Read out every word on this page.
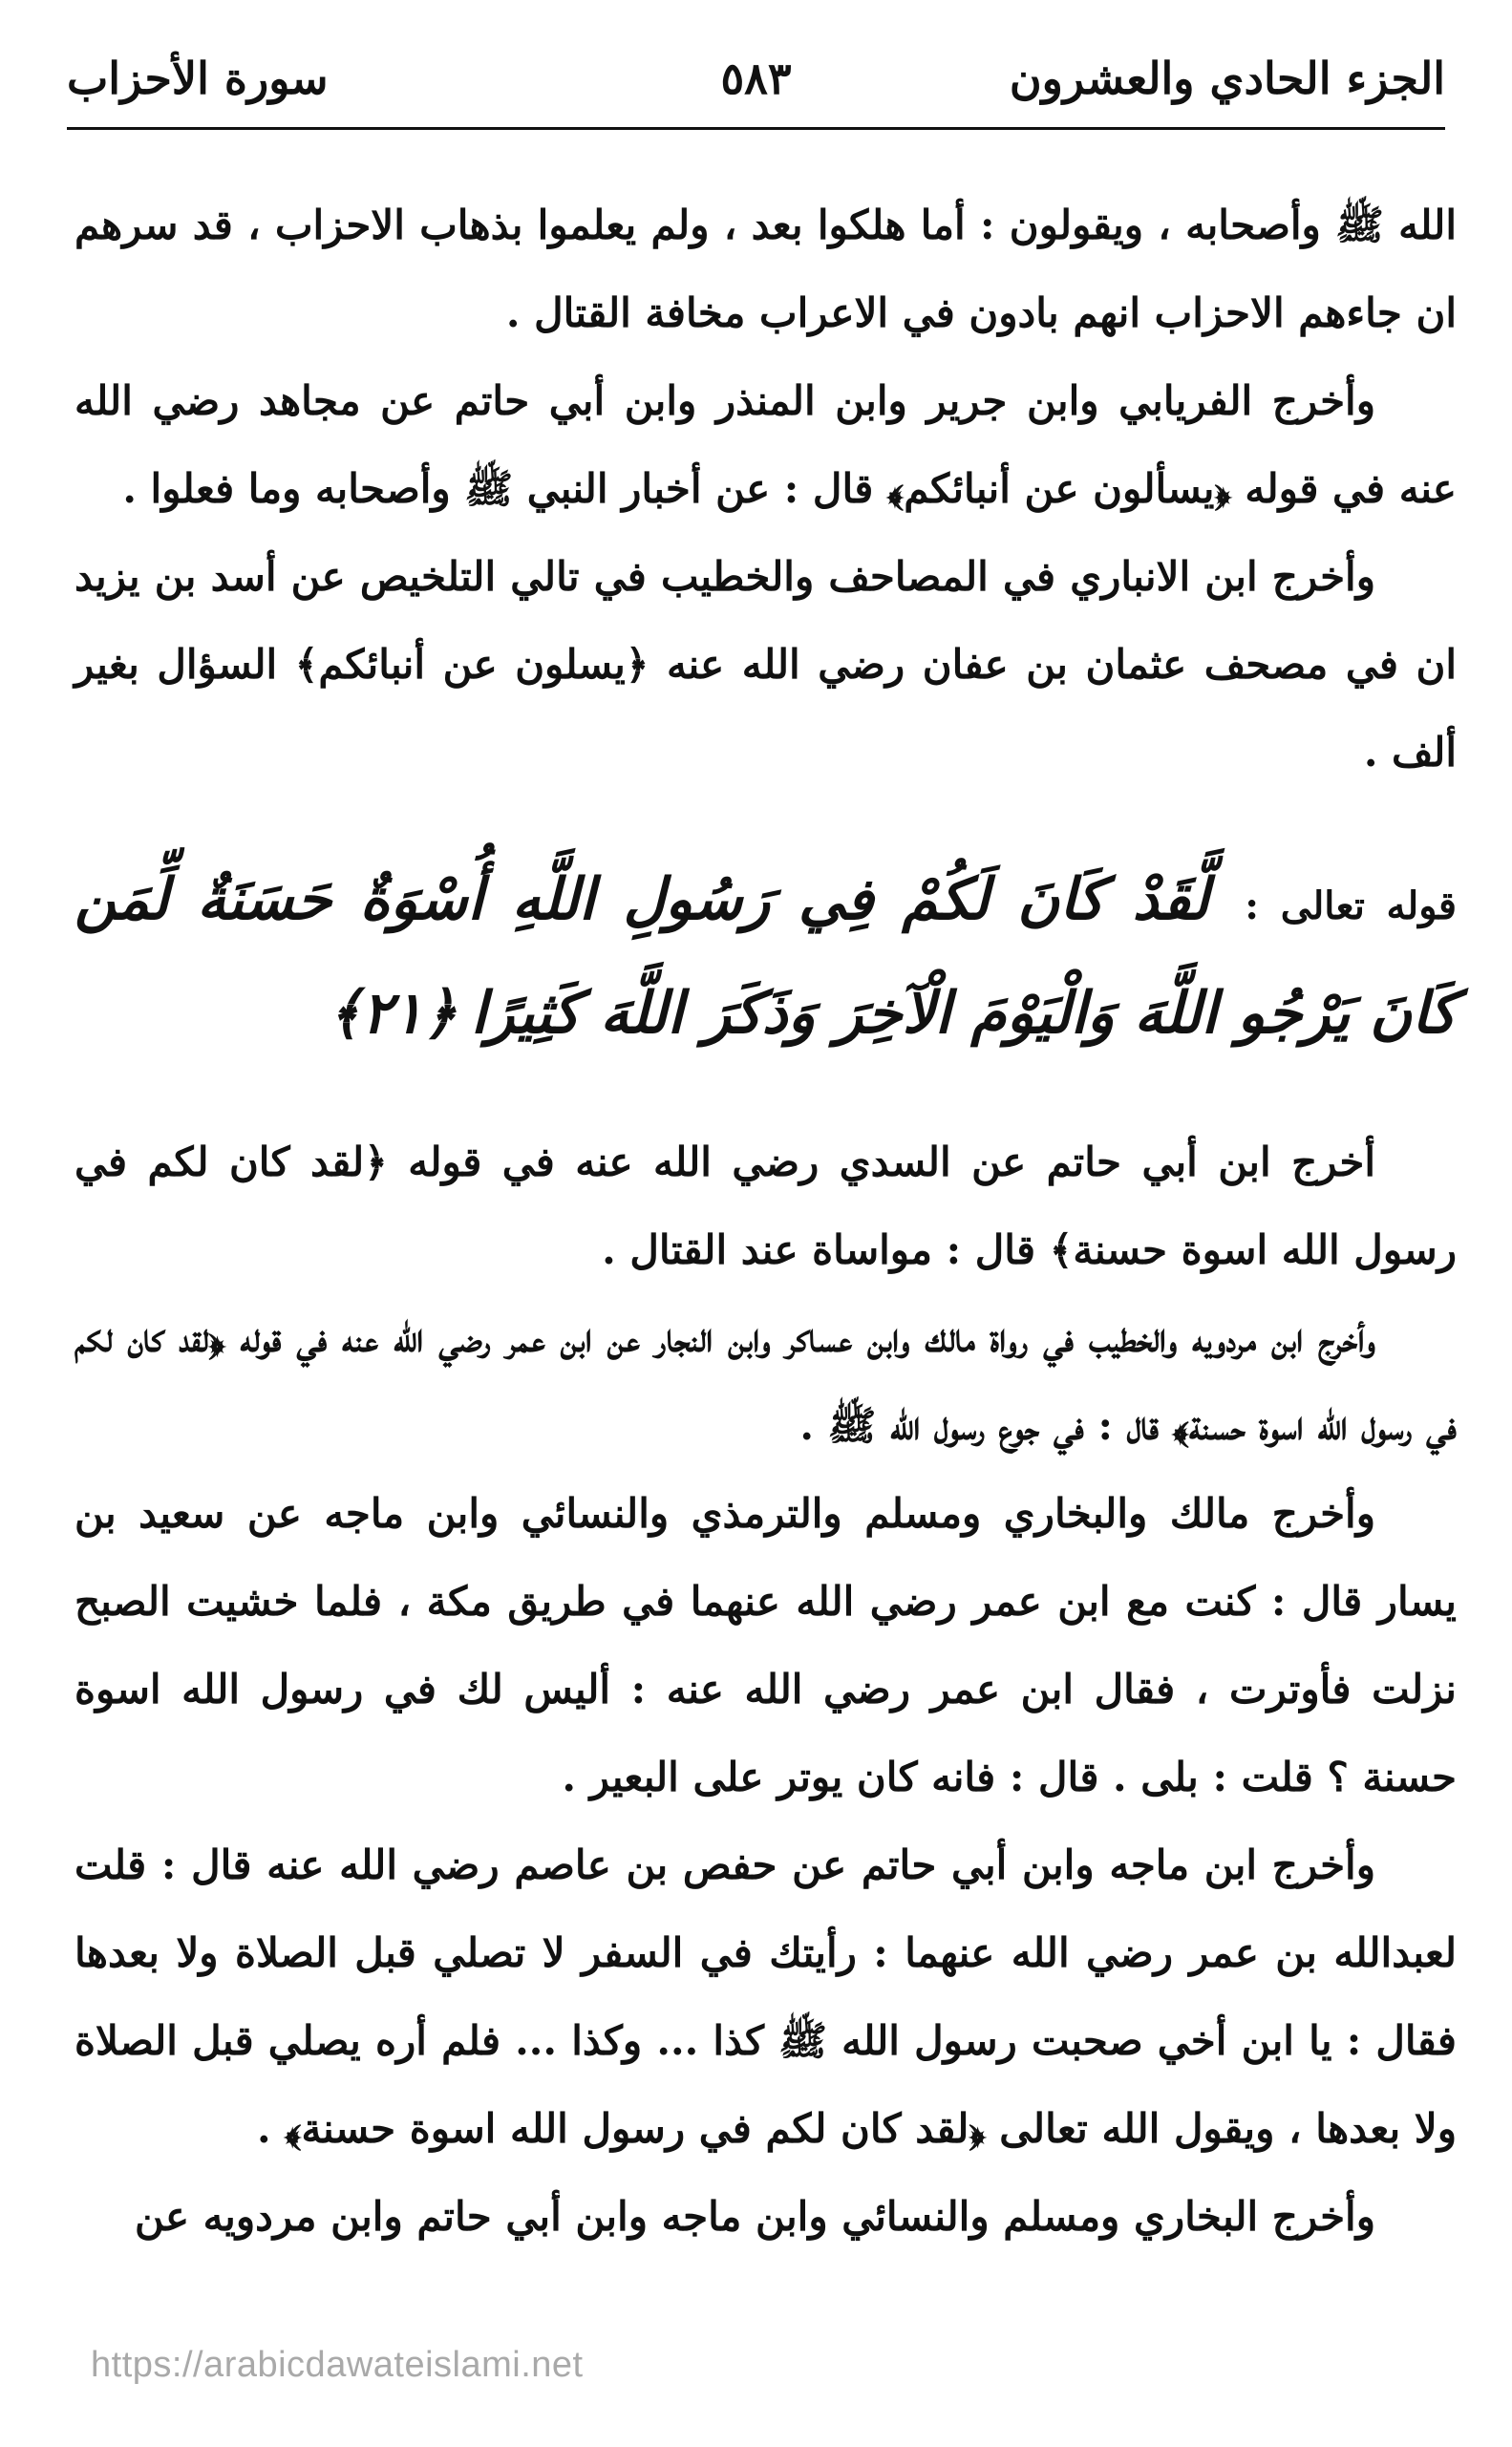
الجزء الحادي والعشرون
٥٨٣
سورة الأحزاب

الله ﷺ وأصحابه ، ويقولون : أما هلكوا بعد ، ولم يعلموا بذهاب الاحزاب ، قد سرهم ان جاءهم الاحزاب انهم بادون في الاعراب مخافة القتال .

وأخرج الفريابي وابن جرير وابن المنذر وابن أبي حاتم عن مجاهد رضي الله عنه في قوله ﴿يسألون عن أنبائكم﴾ قال : عن أخبار النبي ﷺ وأصحابه وما فعلوا .

وأخرج ابن الانباري في المصاحف والخطيب في تالي التلخيص عن أسد بن يزيد ان في مصحف عثمان بن عفان رضي الله عنه ﴿يسلون عن أنبائكم﴾ السؤال بغير ألف .

قوله تعالى : لَّقَدْ كَانَ لَكُمْ فِي رَسُولِ اللَّهِ أُسْوَةٌ حَسَنَةٌ لِّمَن كَانَ يَرْجُو اللَّهَ وَالْيَوْمَ الْآخِرَ وَذَكَرَ اللَّهَ كَثِيرًا ﴿٢١﴾

أخرج ابن أبي حاتم عن السدي رضي الله عنه في قوله ﴿لقد كان لكم في رسول الله اسوة حسنة﴾ قال : مواساة عند القتال .

وأخرج ابن مردويه والخطيب في رواة مالك وابن عساكر وابن النجار عن ابن عمر رضي الله عنه في قوله ﴿لقد كان لكم في رسول الله اسوة حسنة﴾ قال : في جوع رسول الله ﷺ .

وأخرج مالك والبخاري ومسلم والترمذي والنسائي وابن ماجه عن سعيد بن يسار قال : كنت مع ابن عمر رضي الله عنهما في طريق مكة ، فلما خشيت الصبح نزلت فأوترت ، فقال ابن عمر رضي الله عنه : أليس لك في رسول الله اسوة حسنة ؟ قلت : بلى . قال : فانه كان يوتر على البعير .

وأخرج ابن ماجه وابن أبي حاتم عن حفص بن عاصم رضي الله عنه قال : قلت لعبدالله بن عمر رضي الله عنهما : رأيتك في السفر لا تصلي قبل الصلاة ولا بعدها فقال : يا ابن أخي صحبت رسول الله ﷺ كذا ... وكذا ... فلم أره يصلي قبل الصلاة ولا بعدها ، ويقول الله تعالى ﴿لقد كان لكم في رسول الله اسوة حسنة﴾ .

وأخرج البخاري ومسلم والنسائي وابن ماجه وابن أبي حاتم وابن مردويه عن

https://arabicdawateislami.net
